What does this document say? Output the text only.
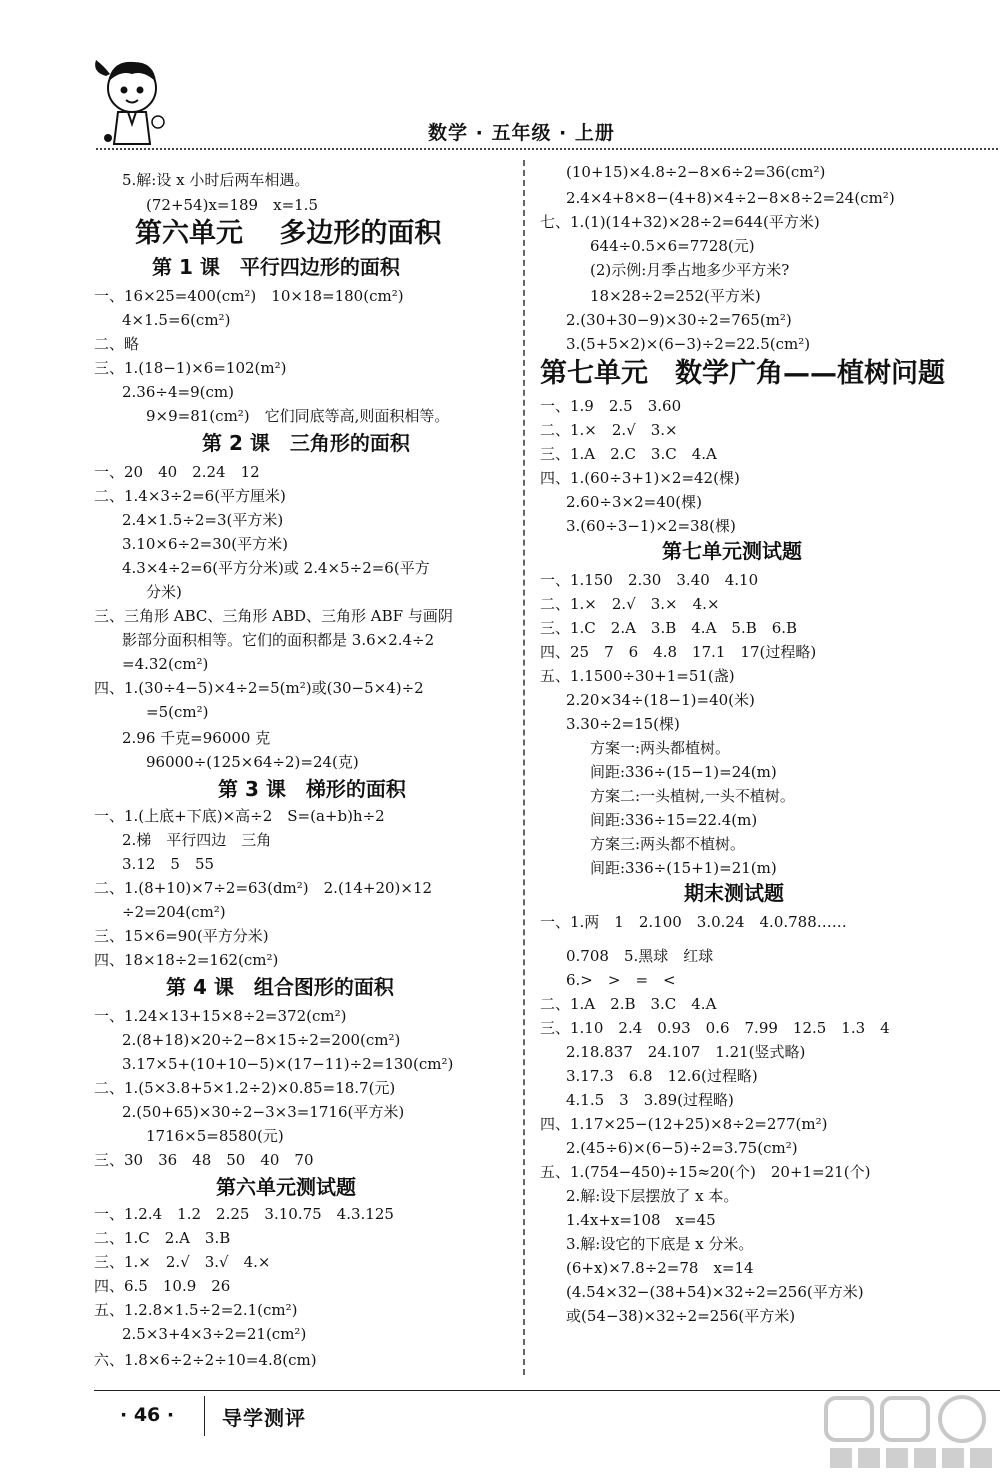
数学 · 五年级 · 上册
5.解:设 x 小时后两车相遇。
(72+54)x=189　x=1.5
第六单元　 多边形的面积
第 1 课　平行四边形的面积
一、16×25=400(cm²)　10×18=180(cm²)
4×1.5=6(cm²)
二、略
三、1.(18−1)×6=102(m²)
2.36÷4=9(cm)
9×9=81(cm²)　它们同底等高,则面积相等。
第 2 课　三角形的面积
一、20　40　2.24　12
二、1.4×3÷2=6(平方厘米)
2.4×1.5÷2=3(平方米)
3.10×6÷2=30(平方米)
4.3×4÷2=6(平方分米)或 2.4×5÷2=6(平方
分米)
三、三角形 ABC、三角形 ABD、三角形 ABF 与画阴
影部分面积相等。它们的面积都是 3.6×2.4÷2
=4.32(cm²)
四、1.(30÷4−5)×4÷2=5(m²)或(30−5×4)÷2
=5(cm²)
2.96 千克=96000 克
96000÷(125×64÷2)=24(克)
第 3 课　梯形的面积
一、1.(上底+下底)×高÷2　S=(a+b)h÷2
2.梯　平行四边　三角
3.12　5　55
二、1.(8+10)×7÷2=63(dm²)　2.(14+20)×12
÷2=204(cm²)
三、15×6=90(平方分米)
四、18×18÷2=162(cm²)
第 4 课　组合图形的面积
一、1.24×13+15×8÷2=372(cm²)
2.(8+18)×20÷2−8×15÷2=200(cm²)
3.17×5+(10+10−5)×(17−11)÷2=130(cm²)
二、1.(5×3.8+5×1.2÷2)×0.85=18.7(元)
2.(50+65)×30÷2−3×3=1716(平方米)
1716×5=8580(元)
三、30　36　48　50　40　70
第六单元测试题
一、1.2.4　1.2　2.25　3.10.75　4.3.125
二、1.C　2.A　3.B
三、1.×　2.√　3.√　4.×
四、6.5　10.9　26
五、1.2.8×1.5÷2=2.1(cm²)
2.5×3+4×3÷2=21(cm²)
六、1.8×6÷2÷2÷10=4.8(cm)
(10+15)×4.8÷2−8×6÷2=36(cm²)
2.4×4+8×8−(4+8)×4÷2−8×8÷2=24(cm²)
七、1.(1)(14+32)×28÷2=644(平方米)
644÷0.5×6=7728(元)
(2)示例:月季占地多少平方米?
18×28÷2=252(平方米)
2.(30+30−9)×30÷2=765(m²)
3.(5+5×2)×(6−3)÷2=22.5(cm²)
第七单元　数学广角——植树问题
一、1.9　2.5　3.60
二、1.×　2.√　3.×
三、1.A　2.C　3.C　4.A
四、1.(60÷3+1)×2=42(棵)
2.60÷3×2=40(棵)
3.(60÷3−1)×2=38(棵)
第七单元测试题
一、1.150　2.30　3.40　4.10
二、1.×　2.√　3.×　4.×
三、1.C　2.A　3.B　4.A　5.B　6.B
四、25　7　6　4.8　17.1　17(过程略)
五、1.1500÷30+1=51(盏)
2.20×34÷(18−1)=40(米)
3.30÷2=15(棵)
方案一:两头都植树。
间距:336÷(15−1)=24(m)
方案二:一头植树,一头不植树。
间距:336÷15=22.4(m)
方案三:两头都不植树。
间距:336÷(15+1)=21(m)
期末测试题
一、1.两　1　2.100　3.0.24　4.0.788……
0.708　5.黑球　红球
6.>　>　=　<
二、1.A　2.B　3.C　4.A
三、1.10　2.4　0.93　0.6　7.99　12.5　1.3　4
2.18.837　24.107　1.21(竖式略)
3.17.3　6.8　12.6(过程略)
4.1.5　3　3.89(过程略)
四、1.17×25−(12+25)×8÷2=277(m²)
2.(45÷6)×(6−5)÷2=3.75(cm²)
五、1.(754−450)÷15≈20(个)　20+1=21(个)
2.解:设下层摆放了 x 本。
1.4x+x=108　x=45
3.解:设它的下底是 x 分米。
(6+x)×7.8÷2=78　x=14
(4.54×32−(38+54)×32÷2=256(平方米)
或(54−38)×32÷2=256(平方米)
· 46 · 导学测评
